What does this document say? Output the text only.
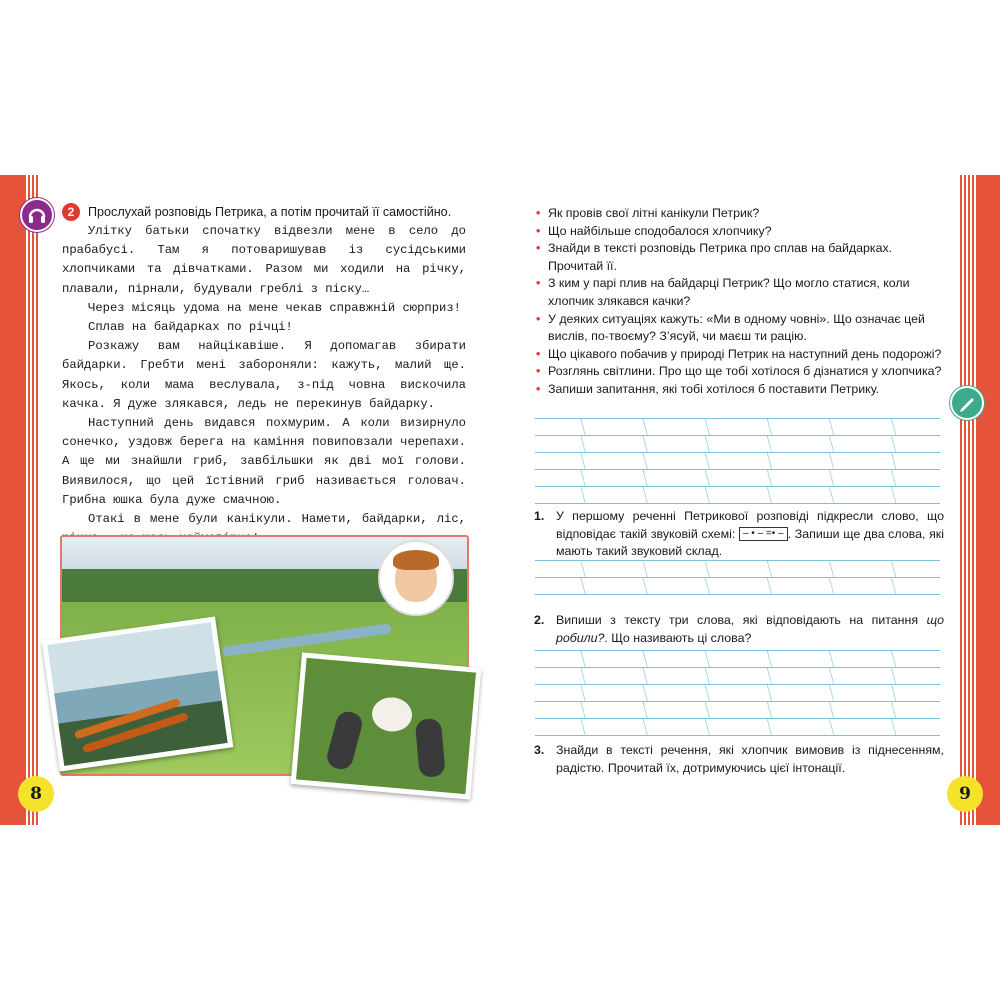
2	Прослухай розповідь Петрика, а потім прочитай її самостійно.

Улітку батьки спочатку відвезли мене в село до прабабусі. Там я потоваришував із сусідськими хлопчиками та дівчатками. Разом ми ходили на річку, плавали, пірнали, будували греблі з піску…

Через місяць удома на мене чекав справжній сюрприз!

Сплав на байдарках по річці!

Розкажу вам найцікавіше. Я допомагав збирати байдарки. Гребти мені забороняли: кажуть, малий ще. Якось, коли мама веслувала, з-під човна вискочила качка. Я дуже злякався, ледь не перекинув байдарку.

Наступний день видався похмурим. А коли визирнуло сонечко, уздовж берега на каміння повиповзали черепахи. А ще ми знайшли гриб, завбільшки як дві мої голови. Виявилося, що цей їстівний гриб називається головач. Грибна юшка була дуже смачною.

Отакі в мене були канікули. Намети, байдарки, ліс,

8
• Як провів свої літні канікули Петрик?
• Що найбільше сподобалося хлопчику?
• Знайди в тексті розповідь Петрика про сплав на байдарках. Прочитай її.
• З ким у парі плив на байдарці Петрик? Що могло статися, коли хлопчик злякався качки?
• У деяких ситуаціях кажуть: «Ми в одному човні». Що означає цей вислів, по-твоєму? З’ясуй, чи маєш ти рацію.
• Що цікавого побачив у природі Петрик на наступний день подорожі?
• Розглянь світлини. Про що ще тобі хотілося б дізнатися у хлопчика?
• Запиши запитання, які тобі хотілося б поставити Петрику.
1. У першому реченні Петрикової розповіді підкресли слово, що відповідає такій звуковій схемі: – • – =• – . Запиши ще два слова, які мають такий звуковий склад.
2. Випиши з тексту три слова, які відповідають на питання що робили?. Що називають ці слова?
3. Знайди в тексті речення, які хлопчик вимовив із піднесенням, радістю. Прочитай їх, дотримуючись цієї інтонації.
9
